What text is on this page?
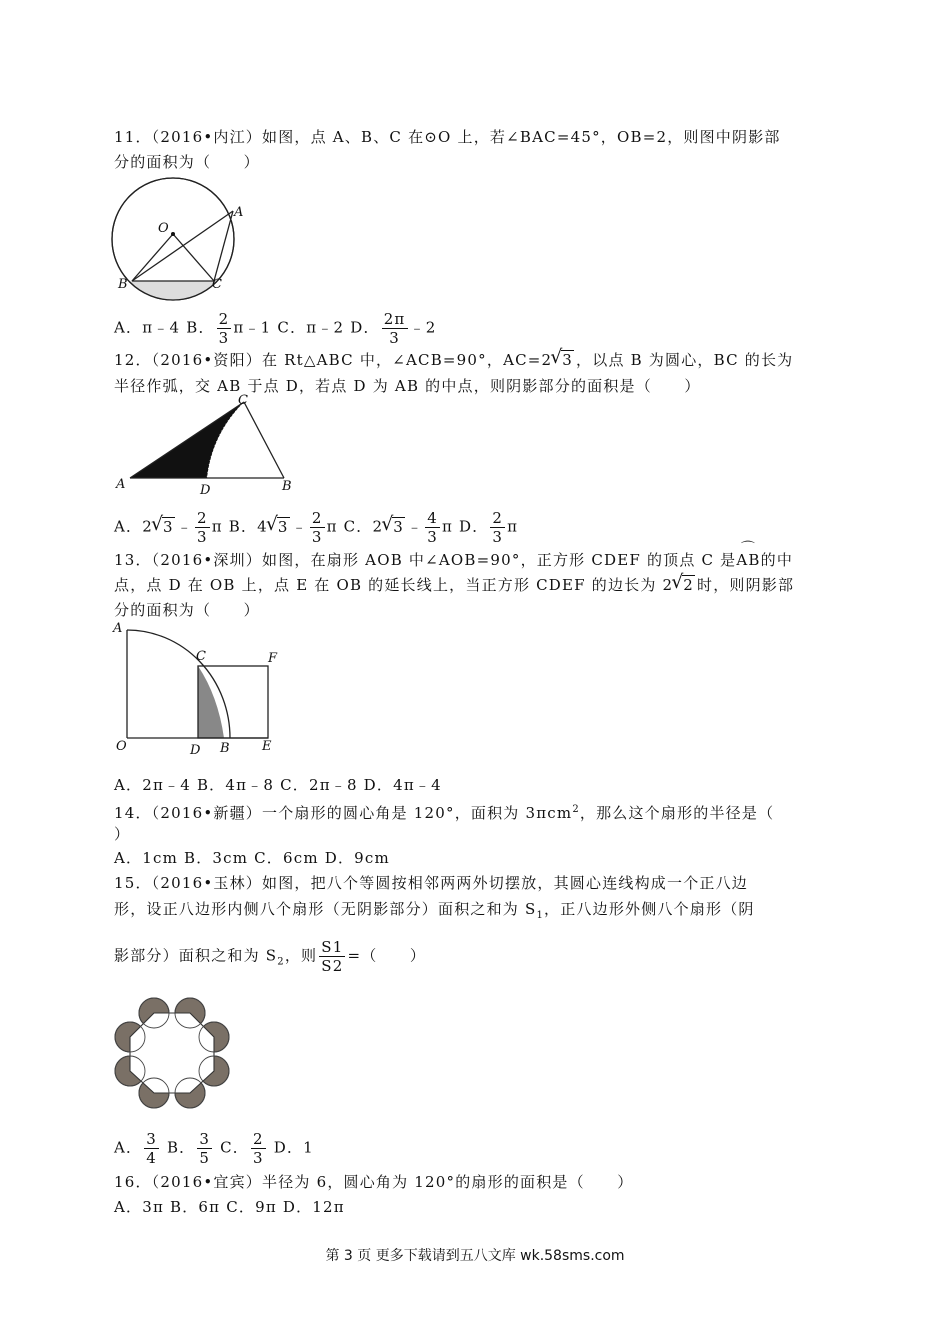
11．（2016•内江）如图，点 A、B、C 在⊙O 上，若∠BAC=45°，OB=2，则图中阴影部
分的面积为（　　）
O
A
B	C
A．π﹣4 B． $\frac{2}{3}$ π﹣1 C．π﹣2 D． $\frac{2\pi}{3}$ ﹣2
12．（2016•资阳）在 Rt△ABC 中，∠ACB=90°，AC=2 √ 3 ，以点 B 为圆心，BC 的长为
半径作弧，交 AB 于点 D，若点 D 为 AB 的中点，则阴影部分的面积是（　　）
A
C
D	B
A．2 √ 3 ﹣ $\frac{2}{3}$ π B．4 √ 3 ﹣ $\frac{2}{3}$ π C．2 √ 3 ﹣ $\frac{4}{3}$ π D． $\frac{2}{3}$ π
13．（2016•深圳）如图，在扇形 AOB 中∠AOB=90°，正方形 CDEF 的顶点 C 是⌒ AB的中
点，点 D 在 OB 上，点 E 在 OB 的延长线上，当正方形 CDEF 的边长为 2 √ 2 时，则阴影部
分的面积为（　　）
A
O
C	F
D B E
A．2π﹣4 B．4π﹣8 C．2π﹣8 D．4π﹣4
14．（2016•新疆）一个扇形的圆心角是 120°，面积为 3πcm$^2$，那么这个扇形的半径是（
）
A．1cm B．3cm C．6cm D．9cm
15．（2016•玉林）如图，把八个等圆按相邻两两外切摆放，其圆心连线构成一个正八边
形，设正八边形内侧八个扇形（无阴影部分）面积之和为 $S_1$，正八边形外侧八个扇形（阴
影部分）面积之和为 $S_2$，则 $\frac{S1}{S2}$ =（　　）
A． $\frac{3}{4}$ B． $\frac{3}{5}$ C． $\frac{2}{3}$ D．1
16．（2016•宜宾）半径为 6，圆心角为 120°的扇形的面积是（　　）
A．3π B．6π C．9π D．12π
第 3 页 更多下载请到五八文库 wk.58sms.com
